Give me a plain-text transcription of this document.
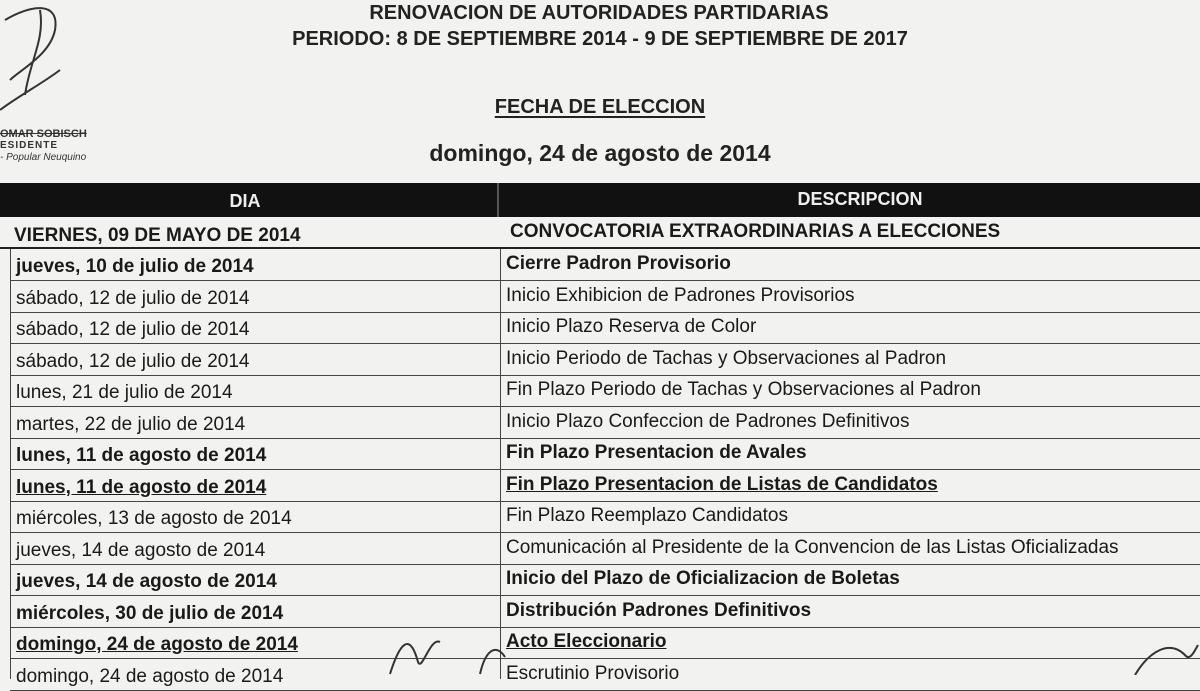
OMAR SOBISCH
ESIDENTE
- Popular Neuquino
RENOVACION DE AUTORIDADES PARTIDARIAS
PERIODO: 8 DE SEPTIEMBRE 2014 - 9 DE SEPTIEMBRE DE 2017
FECHA DE ELECCION
domingo, 24 de agosto de 2014
DIA	DESCRIPCION
VIERNES, 09 DE MAYO DE 2014	CONVOCATORIA EXTRAORDINARIAS A ELECCIONES
jueves, 10 de julio de 2014	Cierre Padron Provisorio
sábado, 12 de julio de 2014	Inicio Exhibicion de Padrones Provisorios
sábado, 12 de julio de 2014	Inicio Plazo Reserva de Color
sábado, 12 de julio de 2014	Inicio Periodo de Tachas y Observaciones al Padron
lunes, 21 de julio de 2014	Fin Plazo Periodo de Tachas y Observaciones al Padron
martes, 22 de julio de 2014	Inicio Plazo Confeccion de Padrones Definitivos
lunes, 11 de agosto de 2014	Fin Plazo Presentacion de Avales
lunes, 11 de agosto de 2014	Fin Plazo Presentacion de Listas de Candidatos
miércoles, 13 de agosto de 2014	Fin Plazo Reemplazo Candidatos
jueves, 14 de agosto de 2014	Comunicación al Presidente de la Convencion de las Listas Oficializadas
jueves, 14 de agosto de 2014	Inicio del Plazo de Oficializacion de Boletas
miércoles, 30 de julio de 2014	Distribución Padrones Definitivos
domingo, 24 de agosto de 2014	Acto Eleccionario
domingo, 24 de agosto de 2014	Escrutinio Provisorio
